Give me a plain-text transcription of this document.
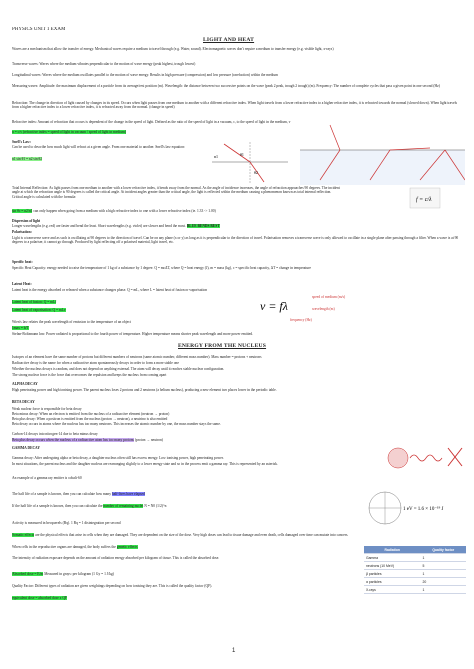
PHYSICS UNIT 1 EXAM
LIGHT AND HEAT
Waves are a mechanism that allow the transfer of energy. Mechanical waves require a medium to travel through (e.g. Water, sound). Electromagnetic waves don't require a medium to transfer energy (e.g. visible light, x-rays)
Transverse waves: Waves where the medium vibrates perpendicular to the motion of wave energy (peak highest, trough lowest)
Longitudinal waves: Waves where the medium oscillates parallel to the motion of wave energy. Results in high pressure (compression) and low pressure (rarefaction) within the medium
Measuring waves: Amplitude: the maximum displacement of a particle from its average/rest position (m). Wavelength: the distance between two successive points on the wave (peak 2 peak, trough 2 trough) (m). Frequency: The number of complete cycles that pass a given point in one second (Hz)
Refraction: The change in direction of light caused by changes in its speed. Occurs when light passes from one medium to another with a different refractive index. When light travels from a lower refractive index to a higher refractive index, it is refracted towards the normal (slowed down). When light travels from a higher refractive index to a lower refractive index, it is refracted away from the normal. (change in speed)
Refractive index: Amount of refraction that occurs is dependent of the change in the speed of light. Defined as the ratio of the speed of light in a vacuum, c, to the speed of light in the medium, v
n = c/v (refractive index = speed of light in vacuum / speed of light in medium)
Snell's Law:
Can be used to describe how much light will refract at a given angle. From one material to another. Snell's law equation:
n1 sin θ1 = n2 sin θ2
θ1
θ2
n1
Total Internal Reflection: As light passes from one medium to another with a lower refractive index, it bends away from the normal. As the angle of incidence increases, the angle of refraction approaches 90 degrees. The incident angle at which the refraction angle is 90 degrees is called the critical angle. At incident angles greater than the critical angle, the light is reflected within the medium causing a phenomenon known as total internal reflection. Critical angle is calculated with the formula:
sin θc = n2/n1 can only happen when going from a medium with a high refractive index to one with a lower refractive index (ie. 1.33 -> 1.00)
f = c/λ
Dispersion of light
Longer wavelengths (e.g. red) are faster and bend the least. Short wavelengths (e.g. violet) are slower and bend the most. BLUE BENDS BEST
Polarisation:
Light is a transverse wave and as such is oscillating at 90 degrees to the direction of travel. Can be on any plane (x or y) as long as it is perpendicular to the direction of travel. Polarisation removes a transverse wave is only allowed to oscillate in a single plane after passing through a filter. When a wave is at 90 degrees to a polariser, it cannot go through. Produced by light reflecting off a polarised material, light travel, etc.
Specific heat:
Specific Heat Capacity: energy needed to raise the temperature of 1 kg of a substance by 1 degree. Q = mcΔT, where Q = heat energy (J), m = mass (kg), c = specific heat capacity, ΔT = change in temperature
Latent Heat:
Latent heat is the energy absorbed or released when a substance changes phase. Q = mL, where L = latent heat of fusion or vaporisation
Latent heat of fusion: Q = mLf
Latent heat of vaporisation: Q = mLv	v = fλ
speed of medium (m/s)
wavelength (m)
frequency (Hz)
Wien's law relates the peak wavelength of emission to the temperature of an object
λmax = b/T
Stefan-Boltzmann law: Power radiated is proportional to the fourth power of temperature. Higher temperature means shorter peak wavelength and more power emitted.
ENERGY FROM THE NUCLEUS
Isotopes of an element have the same number of protons but different numbers of neutrons (same atomic number, different mass number). Mass number = protons + neutrons
Radioactive decay is the name for when a radioactive atom spontaneously decays in order to form a more stable one
Whether the nucleus decays is random, and does not depend on anything external. The atom will decay until it reaches stable nuclear configuration.
The strong nuclear force is the force that overcomes the repulsion and keeps the nucleus from coming apart
ALPHA DECAY
High penetrating power and high ionising power. The parent nucleus loses 2 protons and 2 neutrons (a helium nucleus), producing a new element two places lower in the periodic table.
BETA DECAY
Weak nuclear force is responsible for beta decay
Beta minus decay: When an electron is emitted from the nucleus of a radioactive element (neutron → proton)
Beta plus decay: When a positron is emitted from the nucleus (proton → neutron), a neutrino is also emitted
Beta decay occurs in atoms where the nucleus has too many neutrons. This increases the atomic number by one, the mass number stays the same.
Carbon-14 decays into nitrogen-14 due to beta minus decay
Beta plus decay occurs when the nucleus of a radioactive atom has too many protons (proton → neutron)
GAMMA DECAY
Gamma decay: After undergoing alpha or beta decay, a daughter nucleus often still has excess energy. Low ionising power, high penetrating power.
In most situations, the parent nucleus and the daughter nucleus are rearranging slightly to a lower energy state and so in the process emit a gamma ray. This is represented by an asterisk.
An example of a gamma ray emitter is cobalt-60
The half life of a sample is known, then you can calculate how many half-lives have elapsed
If the half life of a sample is known, then you can calculate the number of remaining nuclei N = N0 (1/2)^n
1 eV = 1.6 × 10⁻¹⁹ J
Activity is measured in becquerels (Bq). 1 Bq = 1 disintegration per second
Somatic effects are the physical effects that arise in cells when they are damaged. They are dependent on the size of the dose. Very high doses can lead to tissue damage and even death, cells damaged over time can mutate into cancers.
When cells in the reproductive organs are damaged, the body suffers the genetic effects
The intensity of radiation exposure depends on the amount of radiation energy absorbed per kilogram of tissue. This is called the absorbed dose.
Absorbed dose = E/m Measured in grays: per kilogram (1 Gy = 1 J/kg)
Quality Factor: Different types of radiation are given weightings depending on how ionising they are. This is called the quality factor (QF).
equivalent dose = absorbed dose x QF
Radiation	Quality factor
Gamma	1
neutrons (10 MeV)	5
β particles	1
α particles	20
X-rays	1
1
